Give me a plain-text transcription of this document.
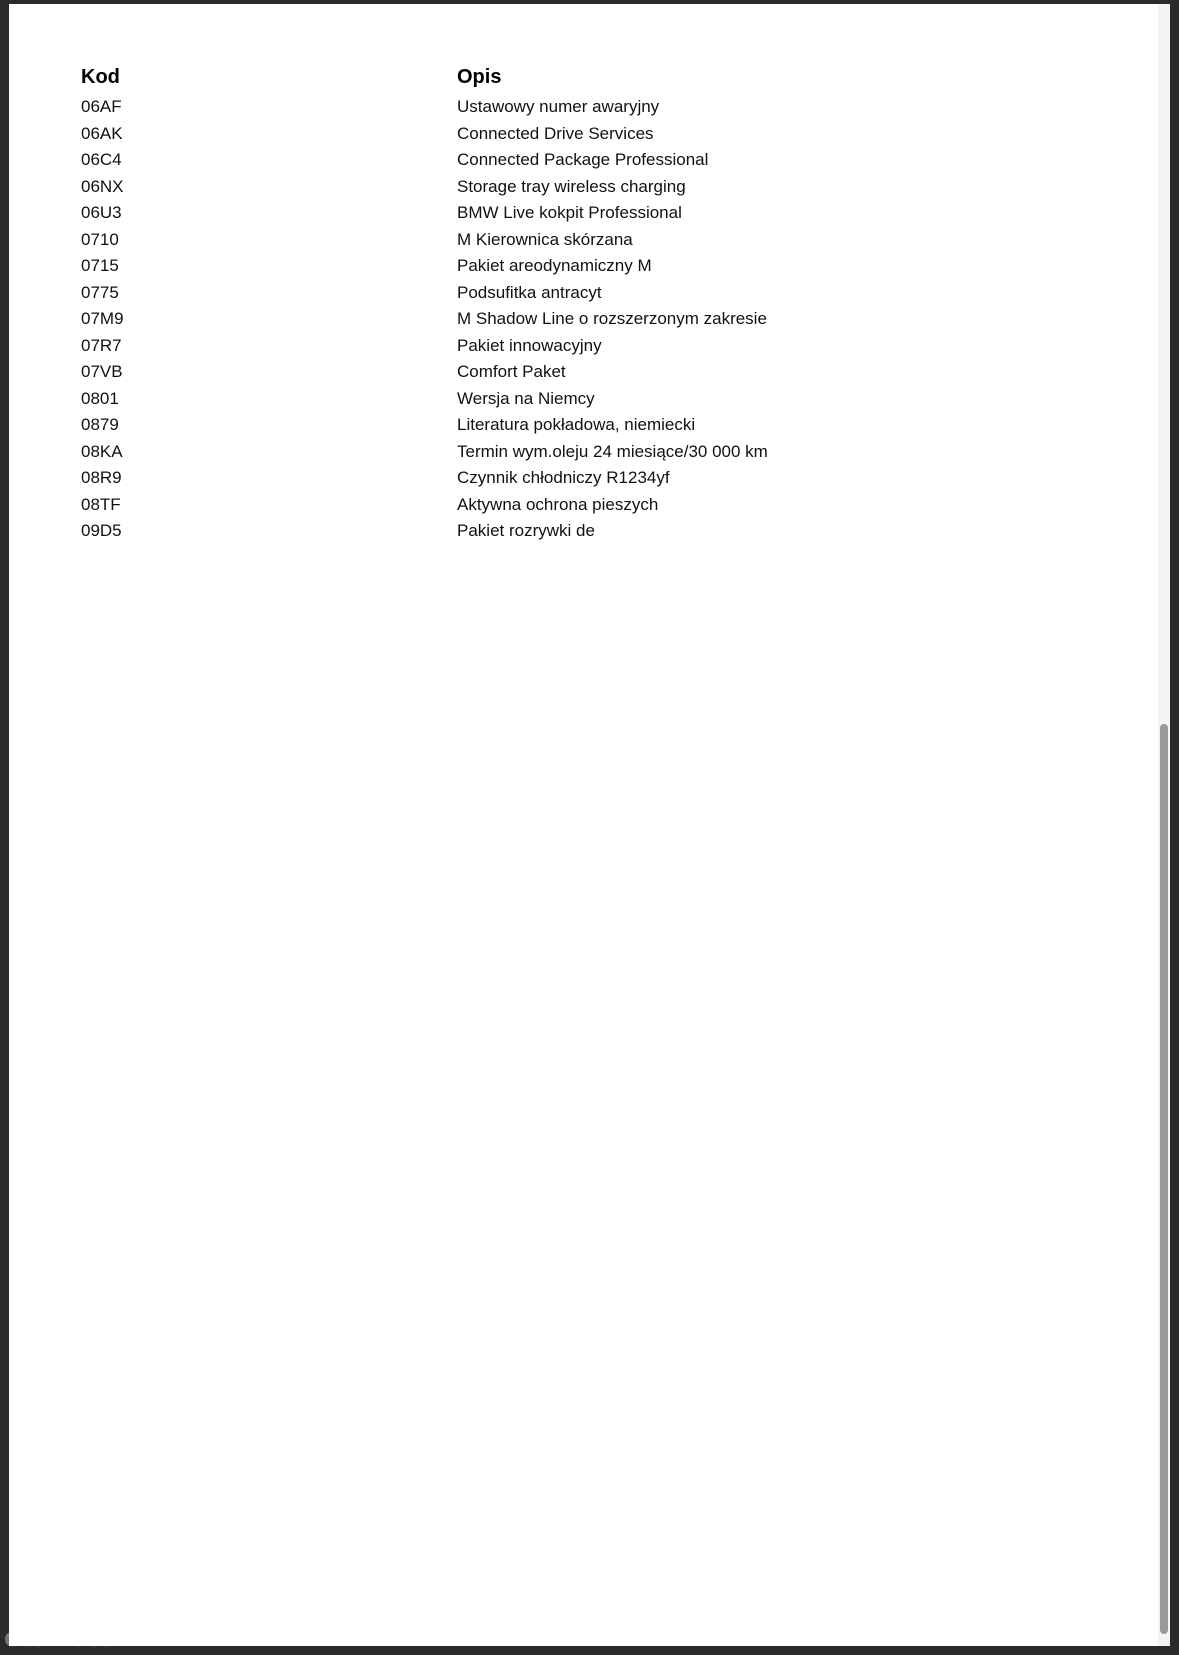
Kod	Opis
06AF	Ustawowy numer awaryjny
06AK	Connected Drive Services
06C4	Connected Package Professional
06NX	Storage tray wireless charging
06U3	BMW Live kokpit Professional
0710	M Kierownica skórzana
0715	Pakiet areodynamiczny M
0775	Podsufitka antracyt
07M9	M Shadow Line o rozszerzonym zakresie
07R7	Pakiet innowacyjny
07VB	Comfort Paket
0801	Wersja na Niemcy
0879	Literatura pokładowa, niemiecki
08KA	Termin wym.oleju 24 miesiące/30 000 km
08R9	Czynnik chłodniczy R1234yf
08TF	Aktywna ochrona pieszych
09D5	Pakiet rozrywki de
otomoto
